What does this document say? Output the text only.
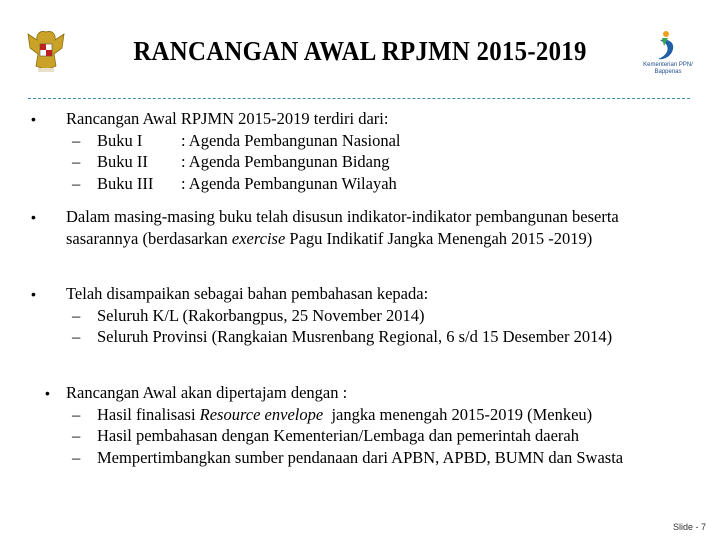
RANCANGAN AWAL RPJMN 2015-2019	Kementerian PPN/ Bappenas
• Rancangan Awal RPJMN 2015-2019 terdiri dari:
– Buku I : Agenda Pembangunan Nasional
– Buku II : Agenda Pembangunan Bidang
– Buku III : Agenda Pembangunan Wilayah
• Dalam masing-masing buku telah disusun indikator-indikator pembangunan beserta sasarannya (berdasarkan exercise Pagu Indikatif Jangka Menengah 2015 -2019)
• Telah disampaikan sebagai bahan pembahasan kepada:
– Seluruh K/L (Rakorbangpus, 25 November 2014)
– Seluruh Provinsi (Rangkaian Musrenbang Regional, 6 s/d 15 Desember 2014)
• Rancangan Awal akan dipertajam dengan :
– Hasil finalisasi Resource envelope  jangka menengah 2015-2019 (Menkeu)
– Hasil pembahasan dengan Kementerian/Lembaga dan pemerintah daerah
– Mempertimbangkan sumber pendanaan dari APBN, APBD, BUMN dan Swasta
Slide - 7
